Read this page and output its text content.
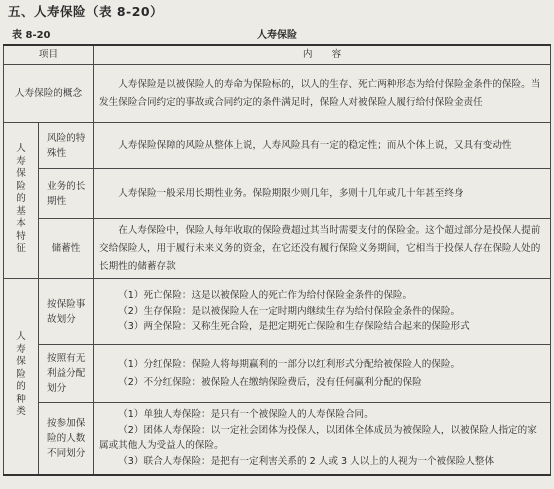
五、人寿保险（表 8-20）
表 8-20	人寿保险
项目		内　　容
人寿保险的概念		人寿保险是以被保险人的寿命为保险标的，以人的生存、死亡两种形态为给付保险金条件的保险。当发生保险合同约定的事故或合同约定的条件满足时，保险人对被保险人履行给付保险金责任

人寿保险的基本特征	风险的特殊性	人寿保险保障的风险从整体上说，人寿风险具有一定的稳定性；而从个体上说，又具有变动性

	业务的长期性	人寿保险一般采用长期性业务。保险期限少则几年，多则十几年或几十年甚至终身

	储蓄性	在人寿保险中，保险人每年收取的保险费超过其当时需要支付的保险金。这个超过部分是投保人提前交给保险人，用于履行未来义务的资金，在它还没有履行保险义务期间，它相当于投保人存在保险人处的长期性的储蓄存款

人寿保险的种类	按保险事故划分	（1）死亡保险：这是以被保险人的死亡作为给付保险金条件的保险。

（2）生存保险：是以被保险人在一定时期内继续生存为给付保险金条件的保险。

（3）两全保险：又称生死合险，是把定期死亡保险和生存保险结合起来的保险形式

	按照有无利益分配划分	（1）分红保险：保险人将每期赢利的一部分以红利形式分配给被保险人的保险。

（2）不分红保险：被保险人在缴纳保险费后，没有任何赢利分配的保险

	按参加保险的人数不同划分	（1）单独人寿保险：是只有一个被保险人的人寿保险合同。

（2）团体人寿保险：以一定社会团体为投保人，以团体全体成员为被保险人，以被保险人指定的家属或其他人为受益人的保险。

（3）联合人寿保险：是把有一定利害关系的 2 人或 3 人以上的人视为一个被保险人整体
